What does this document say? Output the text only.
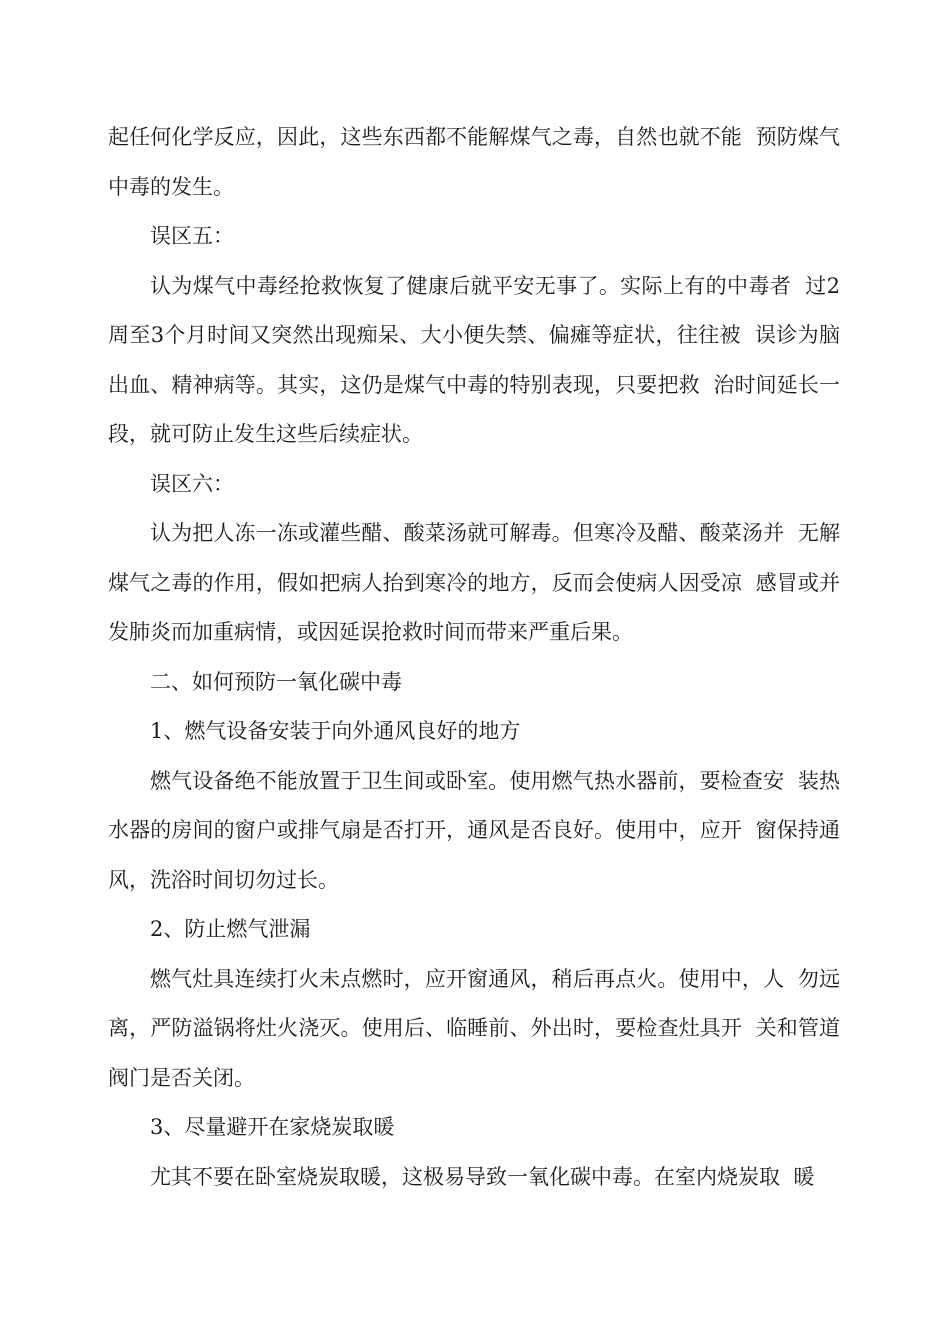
起任何化学反应，因此，这些东西都不能解煤气之毒，自然也就不能  预防煤气中毒的发生。

误区五：

认为煤气中毒经抢救恢复了健康后就平安无事了。实际上有的中毒者  过2周至3个月时间又突然出现痴呆、大小便失禁、偏瘫等症状，往往被  误诊为脑出血、精神病等。其实，这仍是煤气中毒的特别表现，只要把救  治时间延长一段，就可防止发生这些后续症状。

误区六：

认为把人冻一冻或灌些醋、酸菜汤就可解毒。但寒冷及醋、酸菜汤并  无解煤气之毒的作用，假如把病人抬到寒冷的地方，反而会使病人因受凉  感冒或并发肺炎而加重病情，或因延误抢救时间而带来严重后果。

二、如何预防一氧化碳中毒

1、燃气设备安装于向外通风良好的地方

燃气设备绝不能放置于卫生间或卧室。使用燃气热水器前，要检查安  装热水器的房间的窗户或排气扇是否打开，通风是否良好。使用中，应开  窗保持通风，洗浴时间切勿过长。

2、防止燃气泄漏

燃气灶具连续打火未点燃时，应开窗通风，稍后再点火。使用中，人  勿远离，严防溢锅将灶火浇灭。使用后、临睡前、外出时，要检查灶具开  关和管道阀门是否关闭。

3、尽量避开在家烧炭取暖

尤其不要在卧室烧炭取暖，这极易导致一氧化碳中毒。在室内烧炭取  暖
